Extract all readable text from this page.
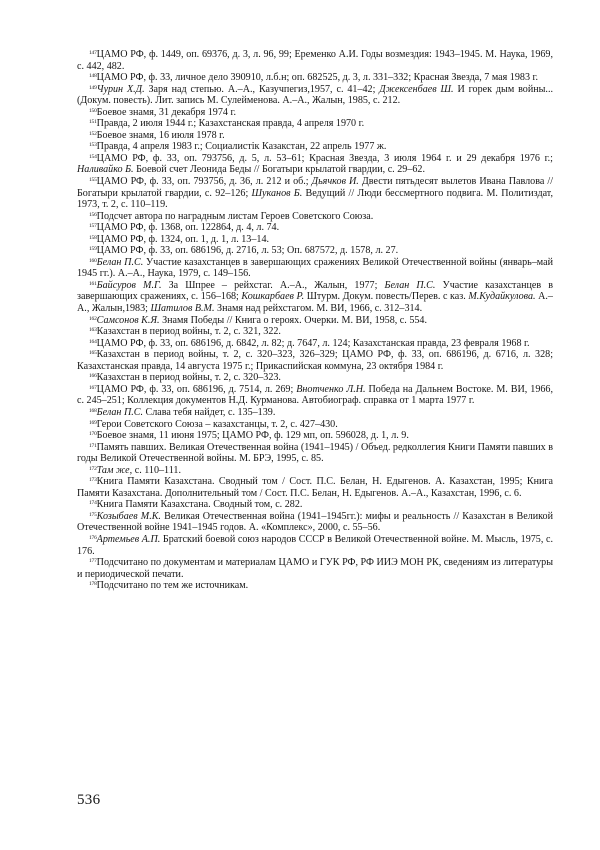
$^{147}$ЦАМО РФ, ф. 1449, оп. 69376, д. 3, л. 96, 99; Еременко А.И. Годы возмездия: 1943–1945. М. Наука, 1969, с. 442, 482.

$^{148}$ЦАМО РФ, ф. 33, личное дело 390910, л.б.н; оп. 682525, д. 3, л. 331–332; Красная Звезда, 7 мая 1983 г.

$^{149}$Чурин Х.Д. Заря над степью. А.–А., Казучпегиз,1957, с. 41–42; Джексенбаев Ш. И горек дым войны... (Докум. повесть). Лит. запись М. Сулейменова. А.–А., Жалын, 1985, с. 212.

$^{150}$Боевое знамя, 31 декабря 1974 г.

$^{151}$Правда, 2 июля 1944 г.; Казахстанская правда, 4 апреля 1970 г.

$^{152}$Боевое знамя, 16 июля 1978 г.

$^{153}$Правда, 4 апреля 1983 г.; Социалистік Казакстан, 22 апрель 1977 ж.

$^{154}$ЦАМО РФ, ф. 33, оп. 793756, д. 5, л. 53–61; Красная Звезда, 3 июля 1964 г. и 29 декабря 1976 г.; Наливайко Б. Боевой счет Леонида Беды // Богатыри крылатой гвардии, с. 29–62.

$^{155}$ЦАМО РФ, ф. 33, оп. 793756, д. 36, л. 212 и об.; Дьячков И. Двести пятьдесят вылетов Ивана Павлова // Богатыри крылатой гвардии, с. 92–126; Шуканов Б. Ведущий // Люди бессмертного подвига. М. Политиздат, 1973, т. 2, с. 110–119.

$^{156}$Подсчет автора по наградным листам Героев Советского Союза.

$^{157}$ЦАМО РФ, ф. 1368, оп. 122864, д. 4, л. 74.

$^{158}$ЦАМО РФ, ф. 1324, оп. 1, д. 1, л. 13–14.

$^{159}$ЦАМО РФ, ф. 33, оп. 686196, д. 2716, л. 53; Оп. 687572, д. 1578, л. 27.

$^{160}$Белан П.С. Участие казахстанцев в завершающих сражениях Великой Отечественной войны (январь–май 1945 гг.). А.–А., Наука, 1979, с. 149–156.

$^{161}$Байсуров М.Г. За Шпрее – рейхстаг. А.–А., Жалын, 1977; Белан П.С. Участие казахстанцев в завершающих сражениях, с. 156–168; Кошкарбаев Р. Штурм. Докум. повесть/Перев. с каз. М.Кудайкулова. А.–А., Жалын,1983; Шатилов В.М. Знамя над рейхстагом. М. ВИ, 1966, с. 312–314.

$^{162}$Самсонов К.Я. Знамя Победы // Книга о героях. Очерки. М. ВИ, 1958, с. 554.

$^{163}$Казахстан в период войны, т. 2, с. 321, 322.

$^{164}$ЦАМО РФ, ф. 33, оп. 686196, д. 6842, л. 82; д. 7647, л. 124; Казахстанская правда, 23 февраля 1968 г.

$^{165}$Казахстан в период войны, т. 2, с. 320–323, 326–329; ЦАМО РФ, ф. 33, оп. 686196, д. 6716, л. 328; Казахстанская правда, 14 августа 1975 г.; Прикаспийская коммуна, 23 октября 1984 г.

$^{166}$Казахстан в период войны, т. 2, с. 320–323.

$^{167}$ЦАМО РФ, ф. 33, оп. 686196, д. 7514, л. 269; Внотченко Л.Н. Победа на Дальнем Востоке. М. ВИ, 1966, с. 245–251; Коллекция документов Н.Д. Курманова. Автобиограф. справка от 1 марта 1977 г.

$^{168}$Белан П.С. Слава тебя найдет, с. 135–139.

$^{169}$Герои Советского Союза – казахстанцы, т. 2, с. 427–430.

$^{170}$Боевое знамя, 11 июня 1975; ЦАМО РФ, ф. 129 мп, оп. 596028, д. 1, л. 9.

$^{171}$Память павших. Великая Отечественная война (1941–1945) / Объед. редколлегия Книги Памяти павших в годы Великой Отечественной войны. М. БРЭ, 1995, с. 85.

$^{172}$Там же, с. 110–111.

$^{173}$Книга Памяти Казахстана. Сводный том / Сост. П.С. Белан, Н. Едыгенов. А. Казахстан, 1995; Книга Памяти Казахстана. Дополнительный том / Сост. П.С. Белан, Н. Едыгенов. А.–А., Казахстан, 1996, с. 6.

$^{174}$Книга Памяти Казахстана. Сводный том, с. 282.

$^{175}$Козыбаев М.К. Великая Отечественная война (1941–1945гг.): мифы и реальность // Казахстан в Великой Отечественной войне 1941–1945 годов. А. «Комплекс», 2000, с. 55–56.

$^{176}$Артемьев А.П. Братский боевой союз народов СССР в Великой Отечественной войне. М. Мысль, 1975, с. 176.

$^{177}$Подсчитано по документам и материалам ЦАМО и ГУК РФ, РФ ИИЭ МОН РК, сведениям из литературы и периодической печати.

$^{178}$Подсчитано по тем же источникам.

536
